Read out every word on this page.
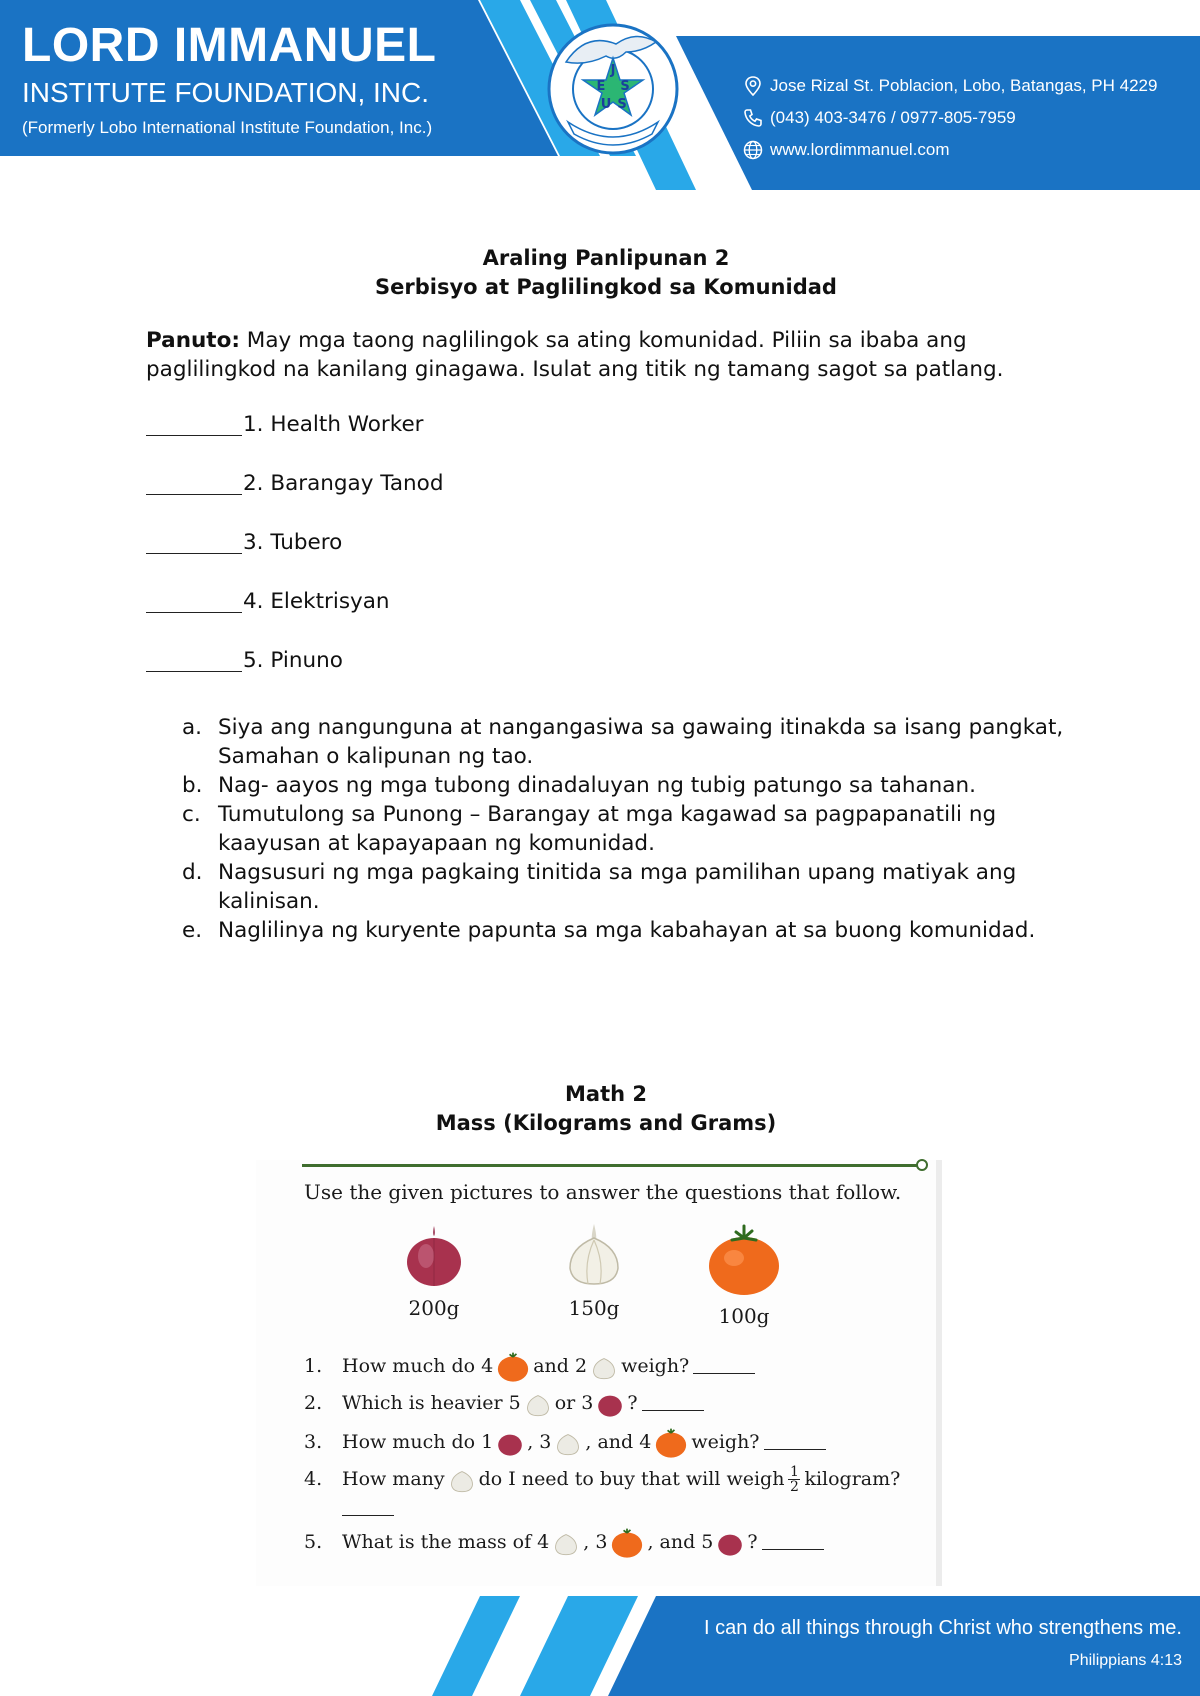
LORD IMMANUEL
INSTITUTE FOUNDATION, INC.
(Formerly Lobo International Institute Foundation, Inc.)
J
E S
U S
Jose Rizal St. Poblacion, Lobo, Batangas, PH 4229
(043) 403-3476 / 0977-805-7959
www.lordimmanuel.com
Araling Panlipunan 2
Serbisyo at Paglilingkod sa Komunidad

Panuto: May mga taong naglilingok sa ating komunidad. Piliin sa ibaba ang paglilingkod na kanilang ginagawa. Isulat ang titik ng tamang sagot sa patlang.

1. Health Worker
2. Barangay Tanod
3. Tubero
4. Elektrisyan
5. Pinuno
a. Siya ang nangunguna at nangangasiwa sa gawaing itinakda sa isang pangkat, Samahan o kalipunan ng tao.
b. Nag- aayos ng mga tubong dinadaluyan ng tubig patungo sa tahanan.
c. Tumutulong sa Punong – Barangay at mga kagawad sa pagpapanatili ng kaayusan at kapayapaan ng komunidad.
d. Nagsusuri ng mga pagkaing tinitida sa mga pamilihan upang matiyak ang kalinisan.
e. Naglilinya ng kuryente papunta sa mga kabahayan at sa buong komunidad.
Math 2
Mass (Kilograms and Grams)
Use the given pictures to answer the questions that follow.
200g	150g	100g
1.	How much do 4 and 2 weigh?
2.	Which is heavier 5 or 3 ?
3.	How much do 1 , 3 , and 4 weigh?
4.	How many do I need to buy that will weigh $\frac{1}{2}$ kilogram?
5.	What is the mass of 4 , 3 , and 5 ?
I can do all things through Christ who strengthens me.
Philippians 4:13
